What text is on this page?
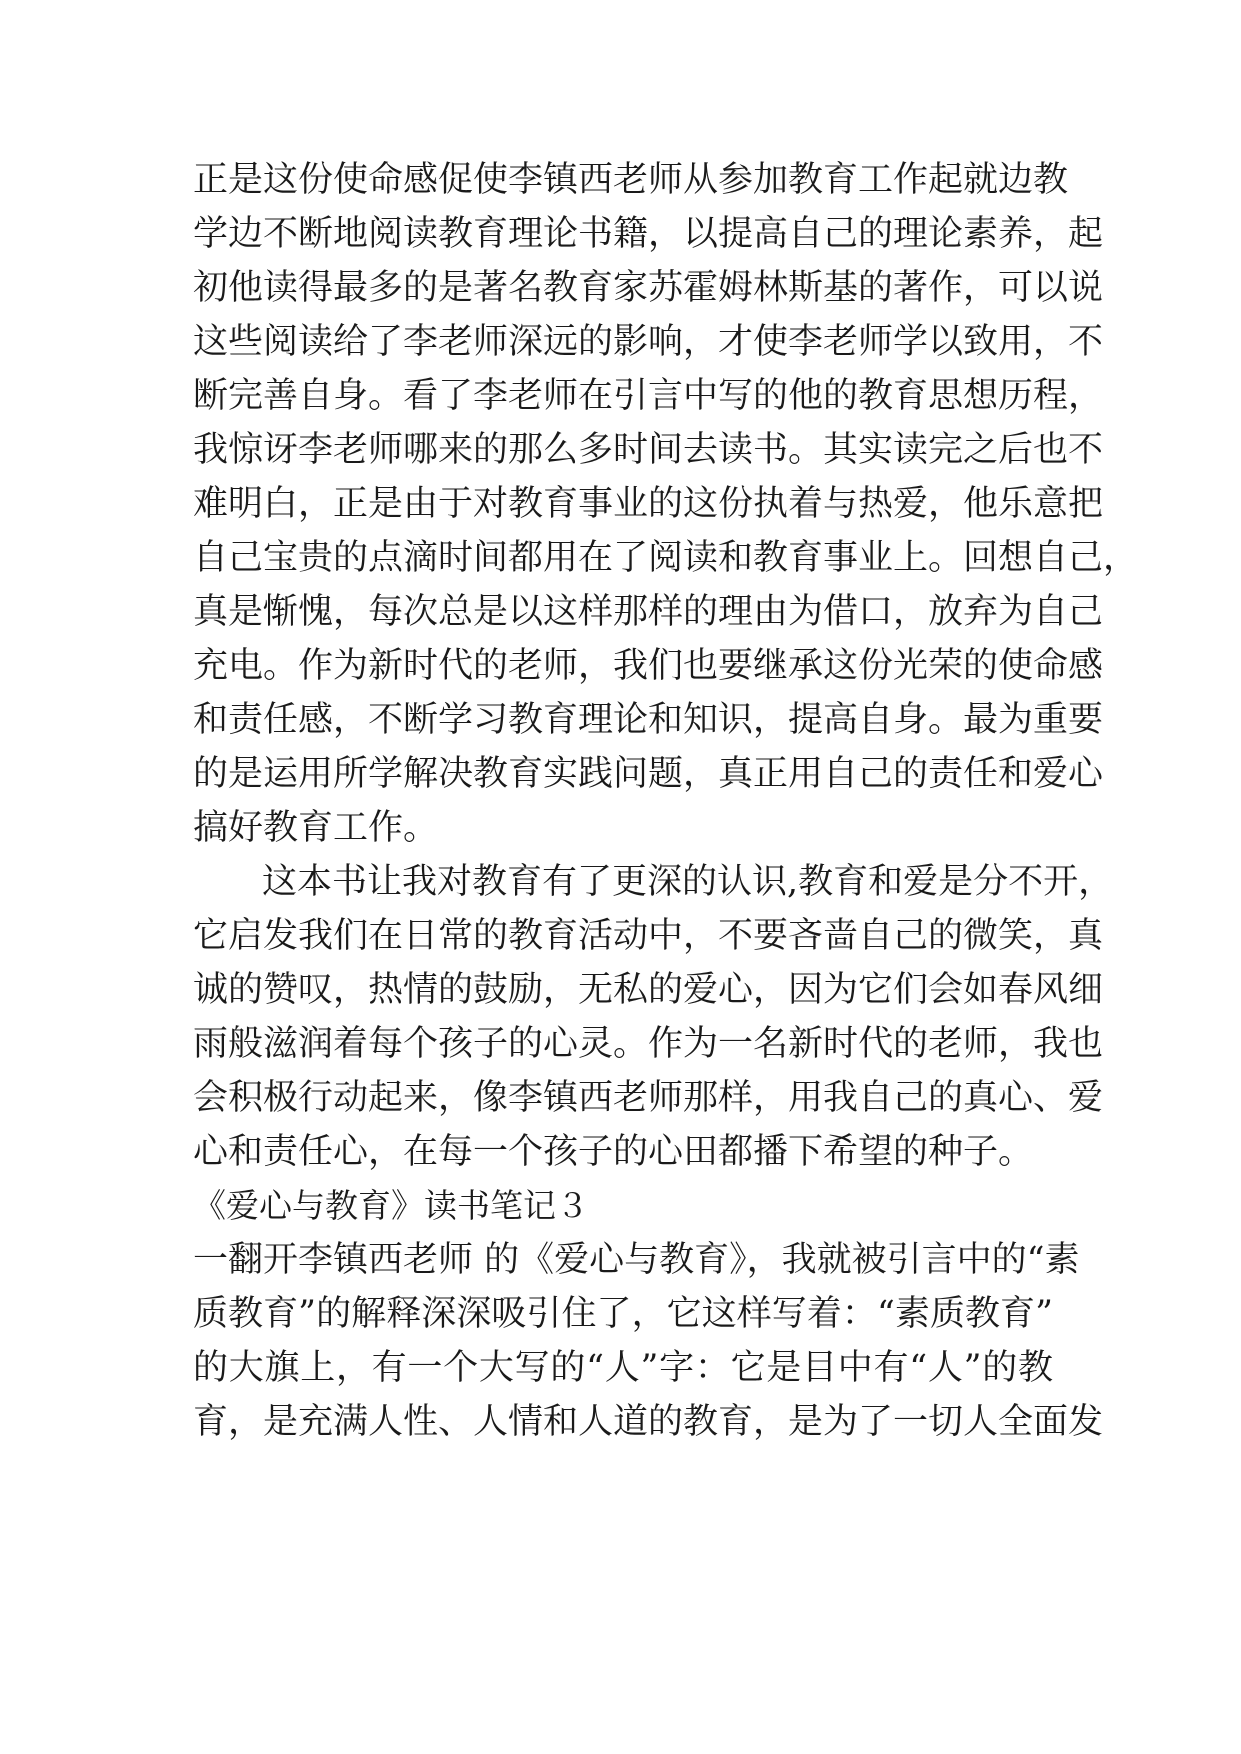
正是这份使命感促使李镇西老师从参加教育工作起就边教
学边不断地阅读教育理论书籍，以提高自己的理论素养，起
初他读得最多的是著名教育家苏霍姆林斯基的著作，可以说
这些阅读给了李老师深远的影响，才使李老师学以致用，不
断完善自身。看了李老师在引言中写的他的教育思想历程，
我惊讶李老师哪来的那么多时间去读书。其实读完之后也不
难明白，正是由于对教育事业的这份执着与热爱，他乐意把
自己宝贵的点滴时间都用在了阅读和教育事业上。回想自己，
真是惭愧，每次总是以这样那样的理由为借口，放弃为自己
充电。作为新时代的老师，我们也要继承这份光荣的使命感
和责任感，不断学习教育理论和知识，提高自身。最为重要
的是运用所学解决教育实践问题，真正用自己的责任和爱心
搞好教育工作。
这本书让我对教育有了更深的认识,教育和爱是分不开，
它启发我们在日常的教育活动中，不要吝啬自己的微笑，真
诚的赞叹，热情的鼓励，无私的爱心，因为它们会如春风细
雨般滋润着每个孩子的心灵。作为一名新时代的老师，我也
会积极行动起来，像李镇西老师那样，用我自己的真心、爱
心和责任心，在每一个孩子的心田都播下希望的种子。
《爱心与教育》读书笔记３
一翻开李镇西老师 的《爱心与教育》，我就被引言中的“素
质教育”的解释深深吸引住了，它这样写着：“素质教育”
的大旗上，有一个大写的“人”字：它是目中有“人”的教
育，是充满人性、人情和人道的教育，是为了一切人全面发
